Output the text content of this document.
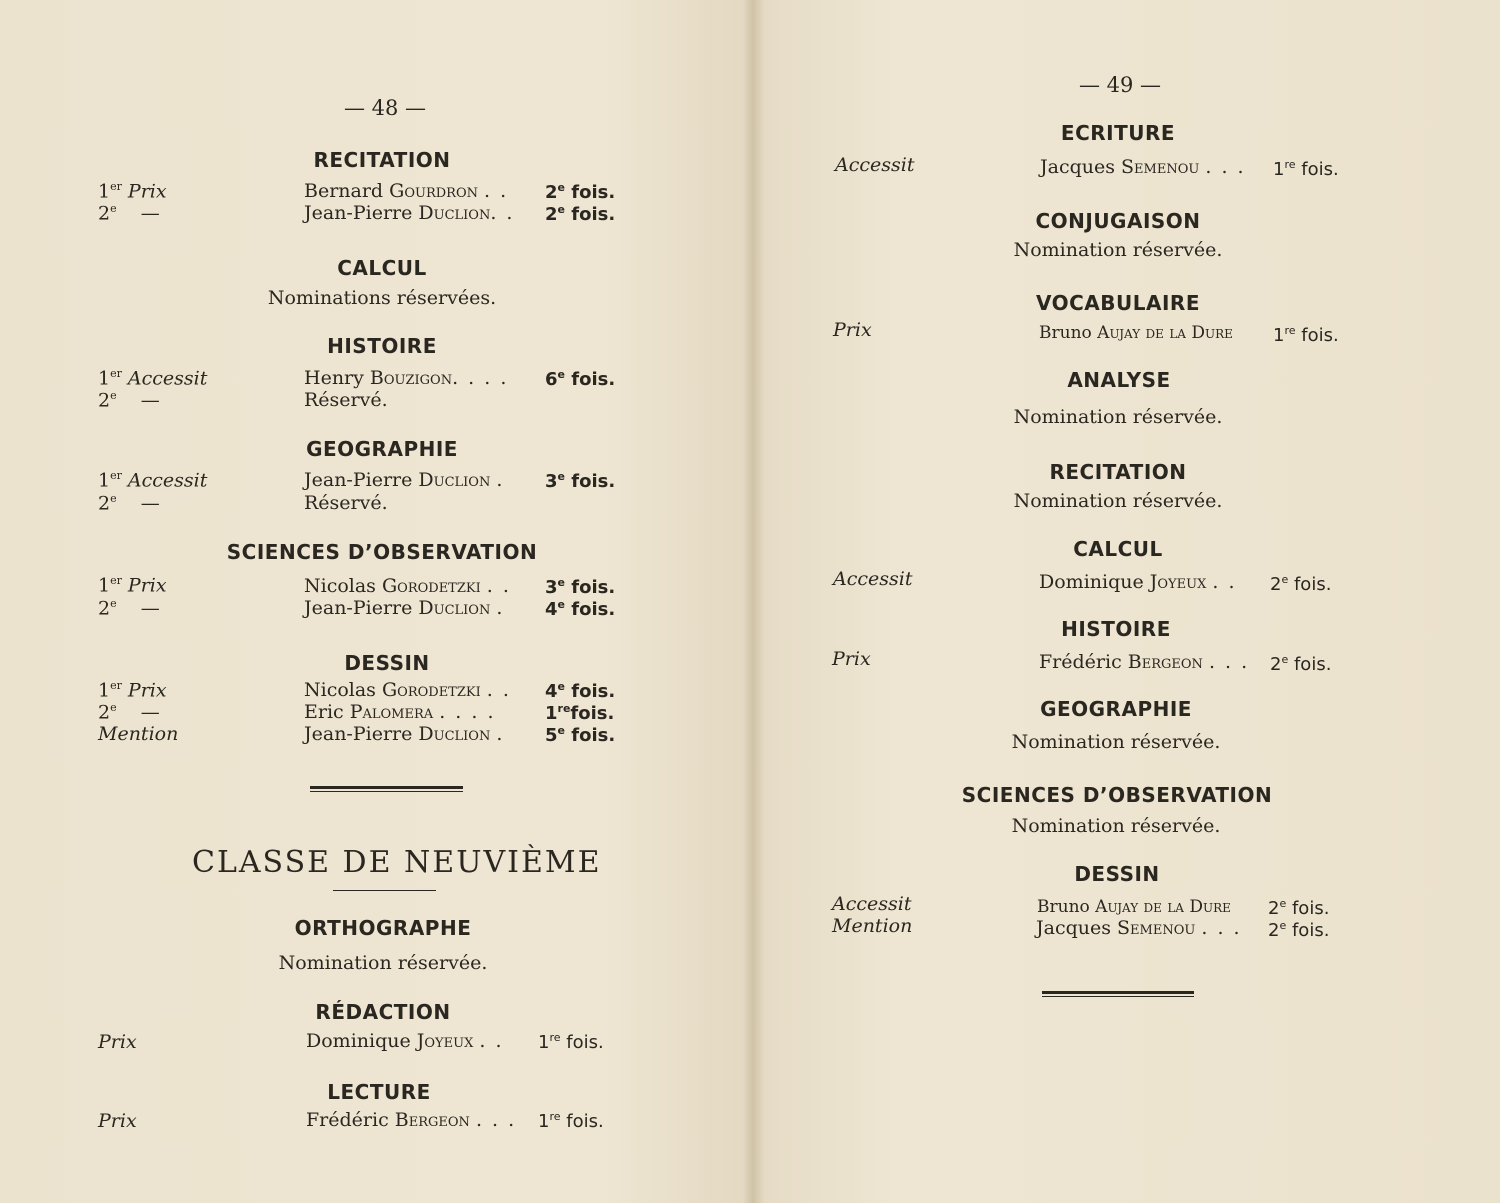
— 48 —
RECITATION
1er Prix	Bernard Gourdron . . 2e fois.
2e —	Jean-Pierre Duclion. . 2e fois.
CALCUL
Nominations réservées.
HISTOIRE
1er Accessit	Henry Bouzigon. . . . 6e fois.
2e —	Réservé.
GEOGRAPHIE
1er Accessit	Jean-Pierre Duclion . 3e fois.
2e —	Réservé.
SCIENCES D’OBSERVATION
1er Prix	Nicolas Gorodetzki . . 3e fois.
2e —	Jean-Pierre Duclion . 4e fois.
DESSIN
1er Prix	Nicolas Gorodetzki . . 4e fois.
2e —	Eric Palomera . . . .	1refois.
Mention	Jean-Pierre Duclion . 5e fois.
CLASSE DE NEUVIÈME
ORTHOGRAPHE
Nomination réservée.
RÉDACTION
Prix	Dominique Joyeux . . 1re fois.
LECTURE
Prix	Frédéric Bergeon . . . 1re fois.
— 49 —
ECRITURE
Accessit	Jacques Semenou . . . 1re fois.
CONJUGAISON
Nomination réservée.
VOCABULAIRE
Prix	Bruno Aujay de la Dure 1re fois.
ANALYSE
Nomination réservée.
RECITATION
Nomination réservée.
CALCUL
Accessit	Dominique Joyeux . . 2e fois.
HISTOIRE
Prix	Frédéric Bergeon . . . 2e fois.
GEOGRAPHIE
Nomination réservée.
SCIENCES D’OBSERVATION
Nomination réservée.
DESSIN
Accessit	Bruno Aujay de la Dure 2e fois.
Mention	Jacques Semenou . . . 2e fois.
